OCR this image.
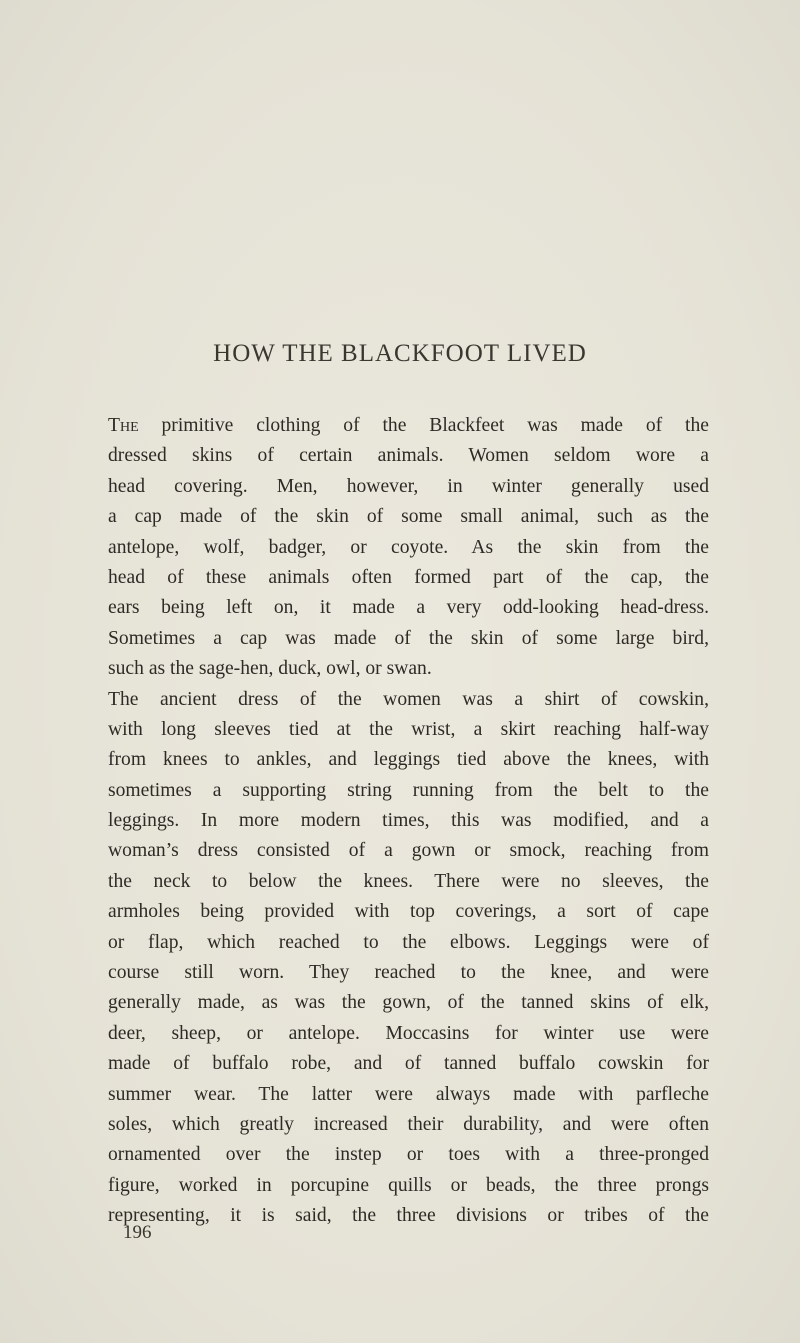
HOW THE BLACKFOOT LIVED
The primitive clothing of the Blackfeet was made of the
dressed skins of certain animals. Women seldom wore a
head covering. Men, however, in winter generally used
a cap made of the skin of some small animal, such as the
antelope, wolf, badger, or coyote. As the skin from the
head of these animals often formed part of the cap, the
ears being left on, it made a very odd-looking head-dress.
Sometimes a cap was made of the skin of some large bird,
such as the sage-hen, duck, owl, or swan.
The ancient dress of the women was a shirt of cowskin,
with long sleeves tied at the wrist, a skirt reaching half-way
from knees to ankles, and leggings tied above the knees, with
sometimes a supporting string running from the belt to the
leggings. In more modern times, this was modified, and a
woman’s dress consisted of a gown or smock, reaching from
the neck to below the knees. There were no sleeves, the
armholes being provided with top coverings, a sort of cape
or flap, which reached to the elbows. Leggings were of
course still worn. They reached to the knee, and were
generally made, as was the gown, of the tanned skins of elk,
deer, sheep, or antelope. Moccasins for winter use were
made of buffalo robe, and of tanned buffalo cowskin for
summer wear. The latter were always made with parfleche
soles, which greatly increased their durability, and were often
ornamented over the instep or toes with a three-pronged
figure, worked in porcupine quills or beads, the three prongs
representing, it is said, the three divisions or tribes of the
196
